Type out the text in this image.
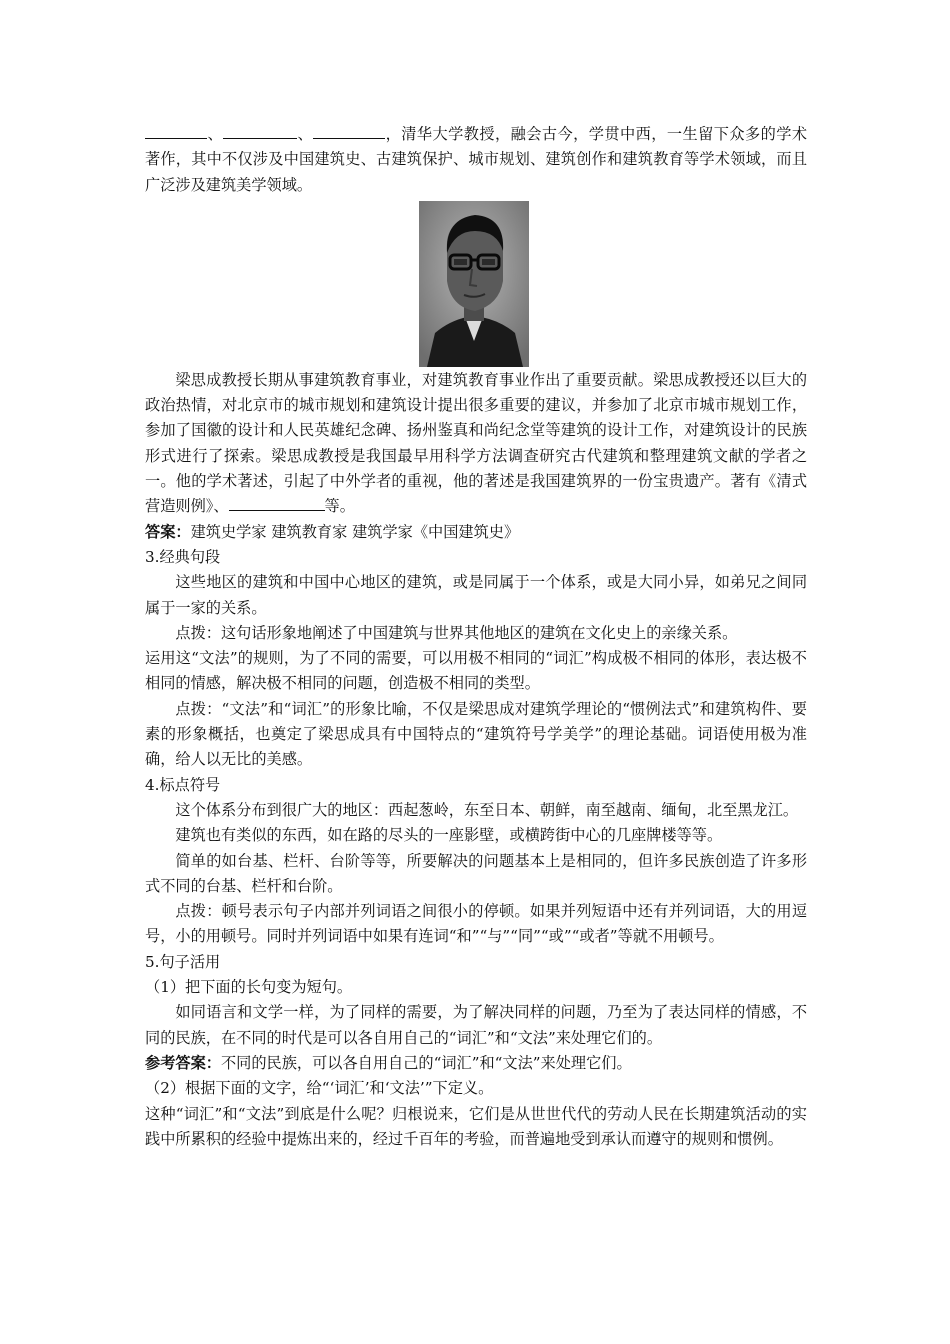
、	、	，清华大学教授，融会古今，学贯中西，一生留下众多的学术著作，其中不仅涉及中国建筑史、古建筑保护、城市规划、建筑创作和建筑教育等学术领域，而且广泛涉及建筑美学领域。

梁思成教授长期从事建筑教育事业，对建筑教育事业作出了重要贡献。梁思成教授还以巨大的政治热情，对北京市的城市规划和建筑设计提出很多重要的建议，并参加了北京市城市规划工作，参加了国徽的设计和人民英雄纪念碑、扬州鉴真和尚纪念堂等建筑的设计工作，对建筑设计的民族形式进行了探索。梁思成教授是我国最早用科学方法调查研究古代建筑和整理建筑文献的学者之一。他的学术著述，引起了中外学者的重视，他的著述是我国建筑界的一份宝贵遗产。著有《清式营造则例》、	等。

答案：建筑史学家 建筑教育家 建筑学家《中国建筑史》

3.经典句段

这些地区的建筑和中国中心地区的建筑，或是同属于一个体系，或是大同小异，如弟兄之间同属于一家的关系。

点拨：这句话形象地阐述了中国建筑与世界其他地区的建筑在文化史上的亲缘关系。

运用这“文法”的规则，为了不同的需要，可以用极不相同的“词汇”构成极不相同的体形，表达极不相同的情感，解决极不相同的问题，创造极不相同的类型。

点拨：“文法”和“词汇”的形象比喻，不仅是梁思成对建筑学理论的“惯例法式”和建筑构件、要素的形象概括，也奠定了梁思成具有中国特点的“建筑符号学美学”的理论基础。词语使用极为准确，给人以无比的美感。

4.标点符号

这个体系分布到很广大的地区：西起葱岭，东至日本、朝鲜，南至越南、缅甸，北至黑龙江。

建筑也有类似的东西，如在路的尽头的一座影壁，或横跨街中心的几座牌楼等等。

简单的如台基、栏杆、台阶等等，所要解决的问题基本上是相同的，但许多民族创造了许多形式不同的台基、栏杆和台阶。

点拨：顿号表示句子内部并列词语之间很小的停顿。如果并列短语中还有并列词语，大的用逗号，小的用顿号。同时并列词语中如果有连词“和”“与”“同”“或”“或者”等就不用顿号。

5.句子活用

（1）把下面的长句变为短句。

如同语言和文学一样，为了同样的需要，为了解决同样的问题，乃至为了表达同样的情感，不同的民族，在不同的时代是可以各自用自己的“词汇”和“文法”来处理它们的。

参考答案：不同的民族，可以各自用自己的“词汇”和“文法”来处理它们。

（2）根据下面的文字，给“‘词汇’和‘文法’”下定义。

这种“词汇”和“文法”到底是什么呢？归根说来，它们是从世世代代的劳动人民在长期建筑活动的实践中所累积的经验中提炼出来的，经过千百年的考验，而普遍地受到承认而遵守的规则和惯例。
